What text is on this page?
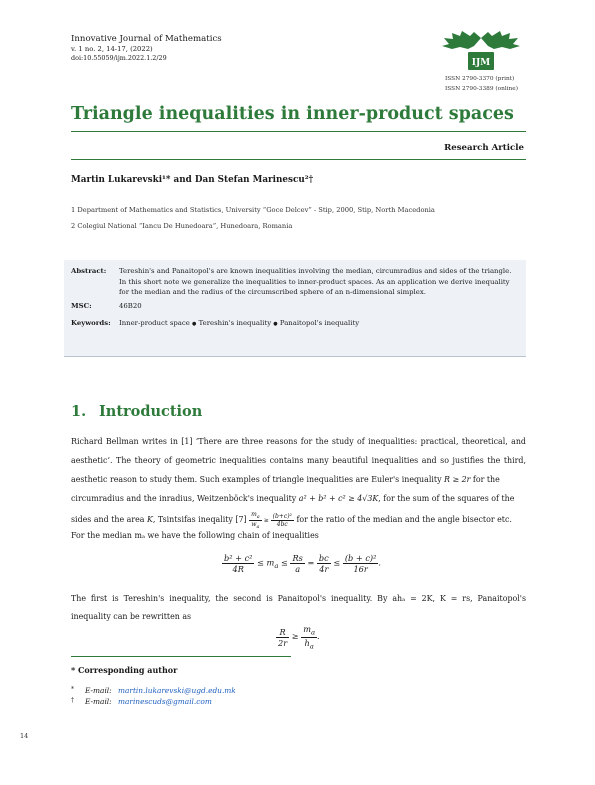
Innovative Journal of Mathematics
v. 1 no. 2, 14-17, (2022)
doi:10.55059/ijm.2022.1.2/29	IJM
ISSN 2790-3370 (print)
ISSN 2790-3389 (online)
Triangle inequalities in inner-product spaces
Research Article
Martin Lukarevski¹* and Dan Stefan Marinescu²†
1 Department of Mathematics and Statistics, University “Goce Delcev” - Stip, 2000, Stip, North Macedonia
2 Colegiul National “Iancu De Hunedoara”, Hunedoara, Romania
Abstract: Tereshin's and Panaitopol's are known inequalities involving the median, circumradius and sides of the triangle.
In this short note we generalize the inequalities to inner-product spaces. As an application we derive inequality
for the median and the radius of the circumscribed sphere of an n-dimensional simplex.
MSC:	46B20
Keywords: Inner-product space ● Tereshin's inequality ● Panaitopol's inequality
1. Introduction
Richard Bellman writes in [1] ‘There are three reasons for the study of inequalities: practical, theoretical, and
aesthetic’. The theory of geometric inequalities contains many beautiful inequalities and so justifies the third,
aesthetic reason to study them. Such examples of triangle inequalities are Euler's inequality R ≥ 2r for the
circumradius and the inradius, Weitzenböck's inequality a² + b² + c² ≥ 4√3K, for the sum of the squares of the
sides and the area K, Tsintsifas ineqality $[7] \frac{m_a}{w_a} \ge \frac{\text{(b+c)²}}{4bc}$ for the ratio of the median and the angle bisector etc.
For the median mₐ we have the following chain of inequalities
$\frac{\text{b² + c²}}{4R} \le m_a \le \frac{Rs}{a} = \frac{bc}{4r} \le \frac{\text{(b + c)²}}{16r}$ .
The first is Tereshin's inequality, the second is Panaitopol's inequality. By ahₐ = 2K, K = rs, Panaitopol's
inequality can be rewritten as
$\frac{R}{2r} \ge \frac{m_a}{h_a}$ .
* Corresponding author
* E-mail: martin.lukarevski@ugd.edu.mk
† E-mail: marinescuds@gmail.com
14
